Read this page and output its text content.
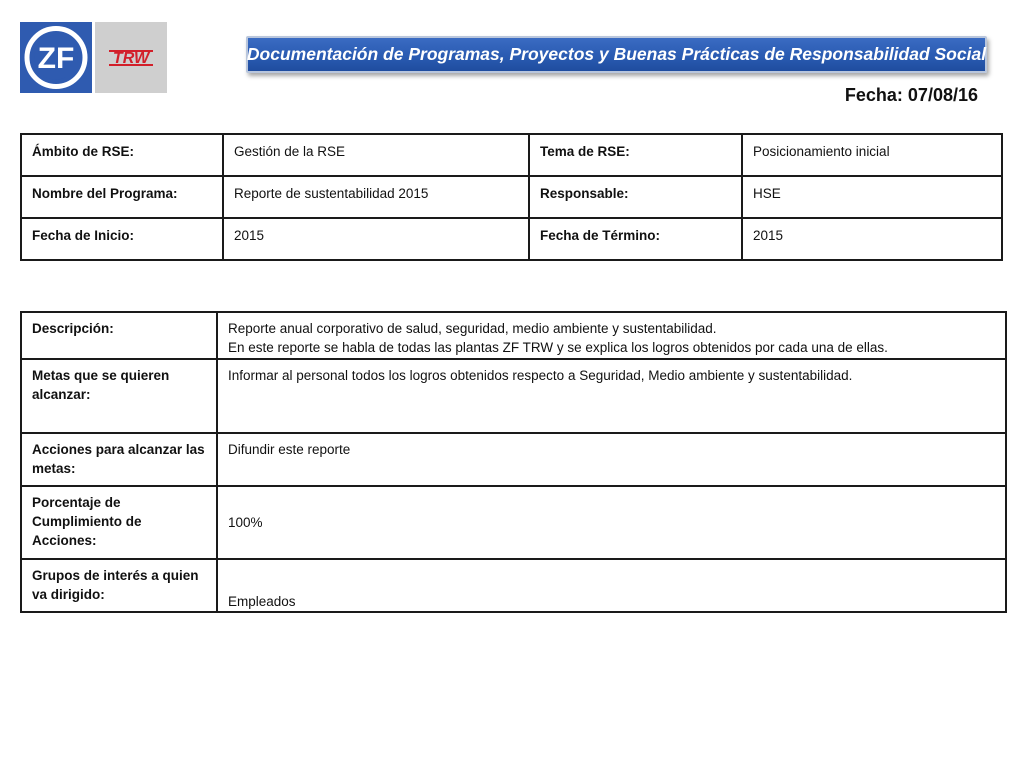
ZF TRW	Documentación de Programas, Proyectos y Buenas Prácticas de Responsabilidad Social
Fecha: 07/08/16
Ámbito de RSE:	Gestión de la RSE	Tema de RSE:	Posicionamiento inicial
Nombre del Programa:	Reporte de sustentabilidad 2015	Responsable:	HSE
Fecha de Inicio:	2015	Fecha de Término:	2015
Descripción:	Reporte anual corporativo de salud, seguridad, medio ambiente y sustentabilidad.
En este reporte se habla de todas las plantas ZF TRW y se explica los logros obtenidos por cada una de ellas.

Metas que se quieren alcanzar:	Informar al personal todos los logros obtenidos respecto a Seguridad, Medio ambiente y sustentabilidad.
Acciones para alcanzar las metas:	Difundir este reporte
Porcentaje de Cumplimiento de Acciones:	100%
Grupos de interés a quien va dirigido:	Empleados
